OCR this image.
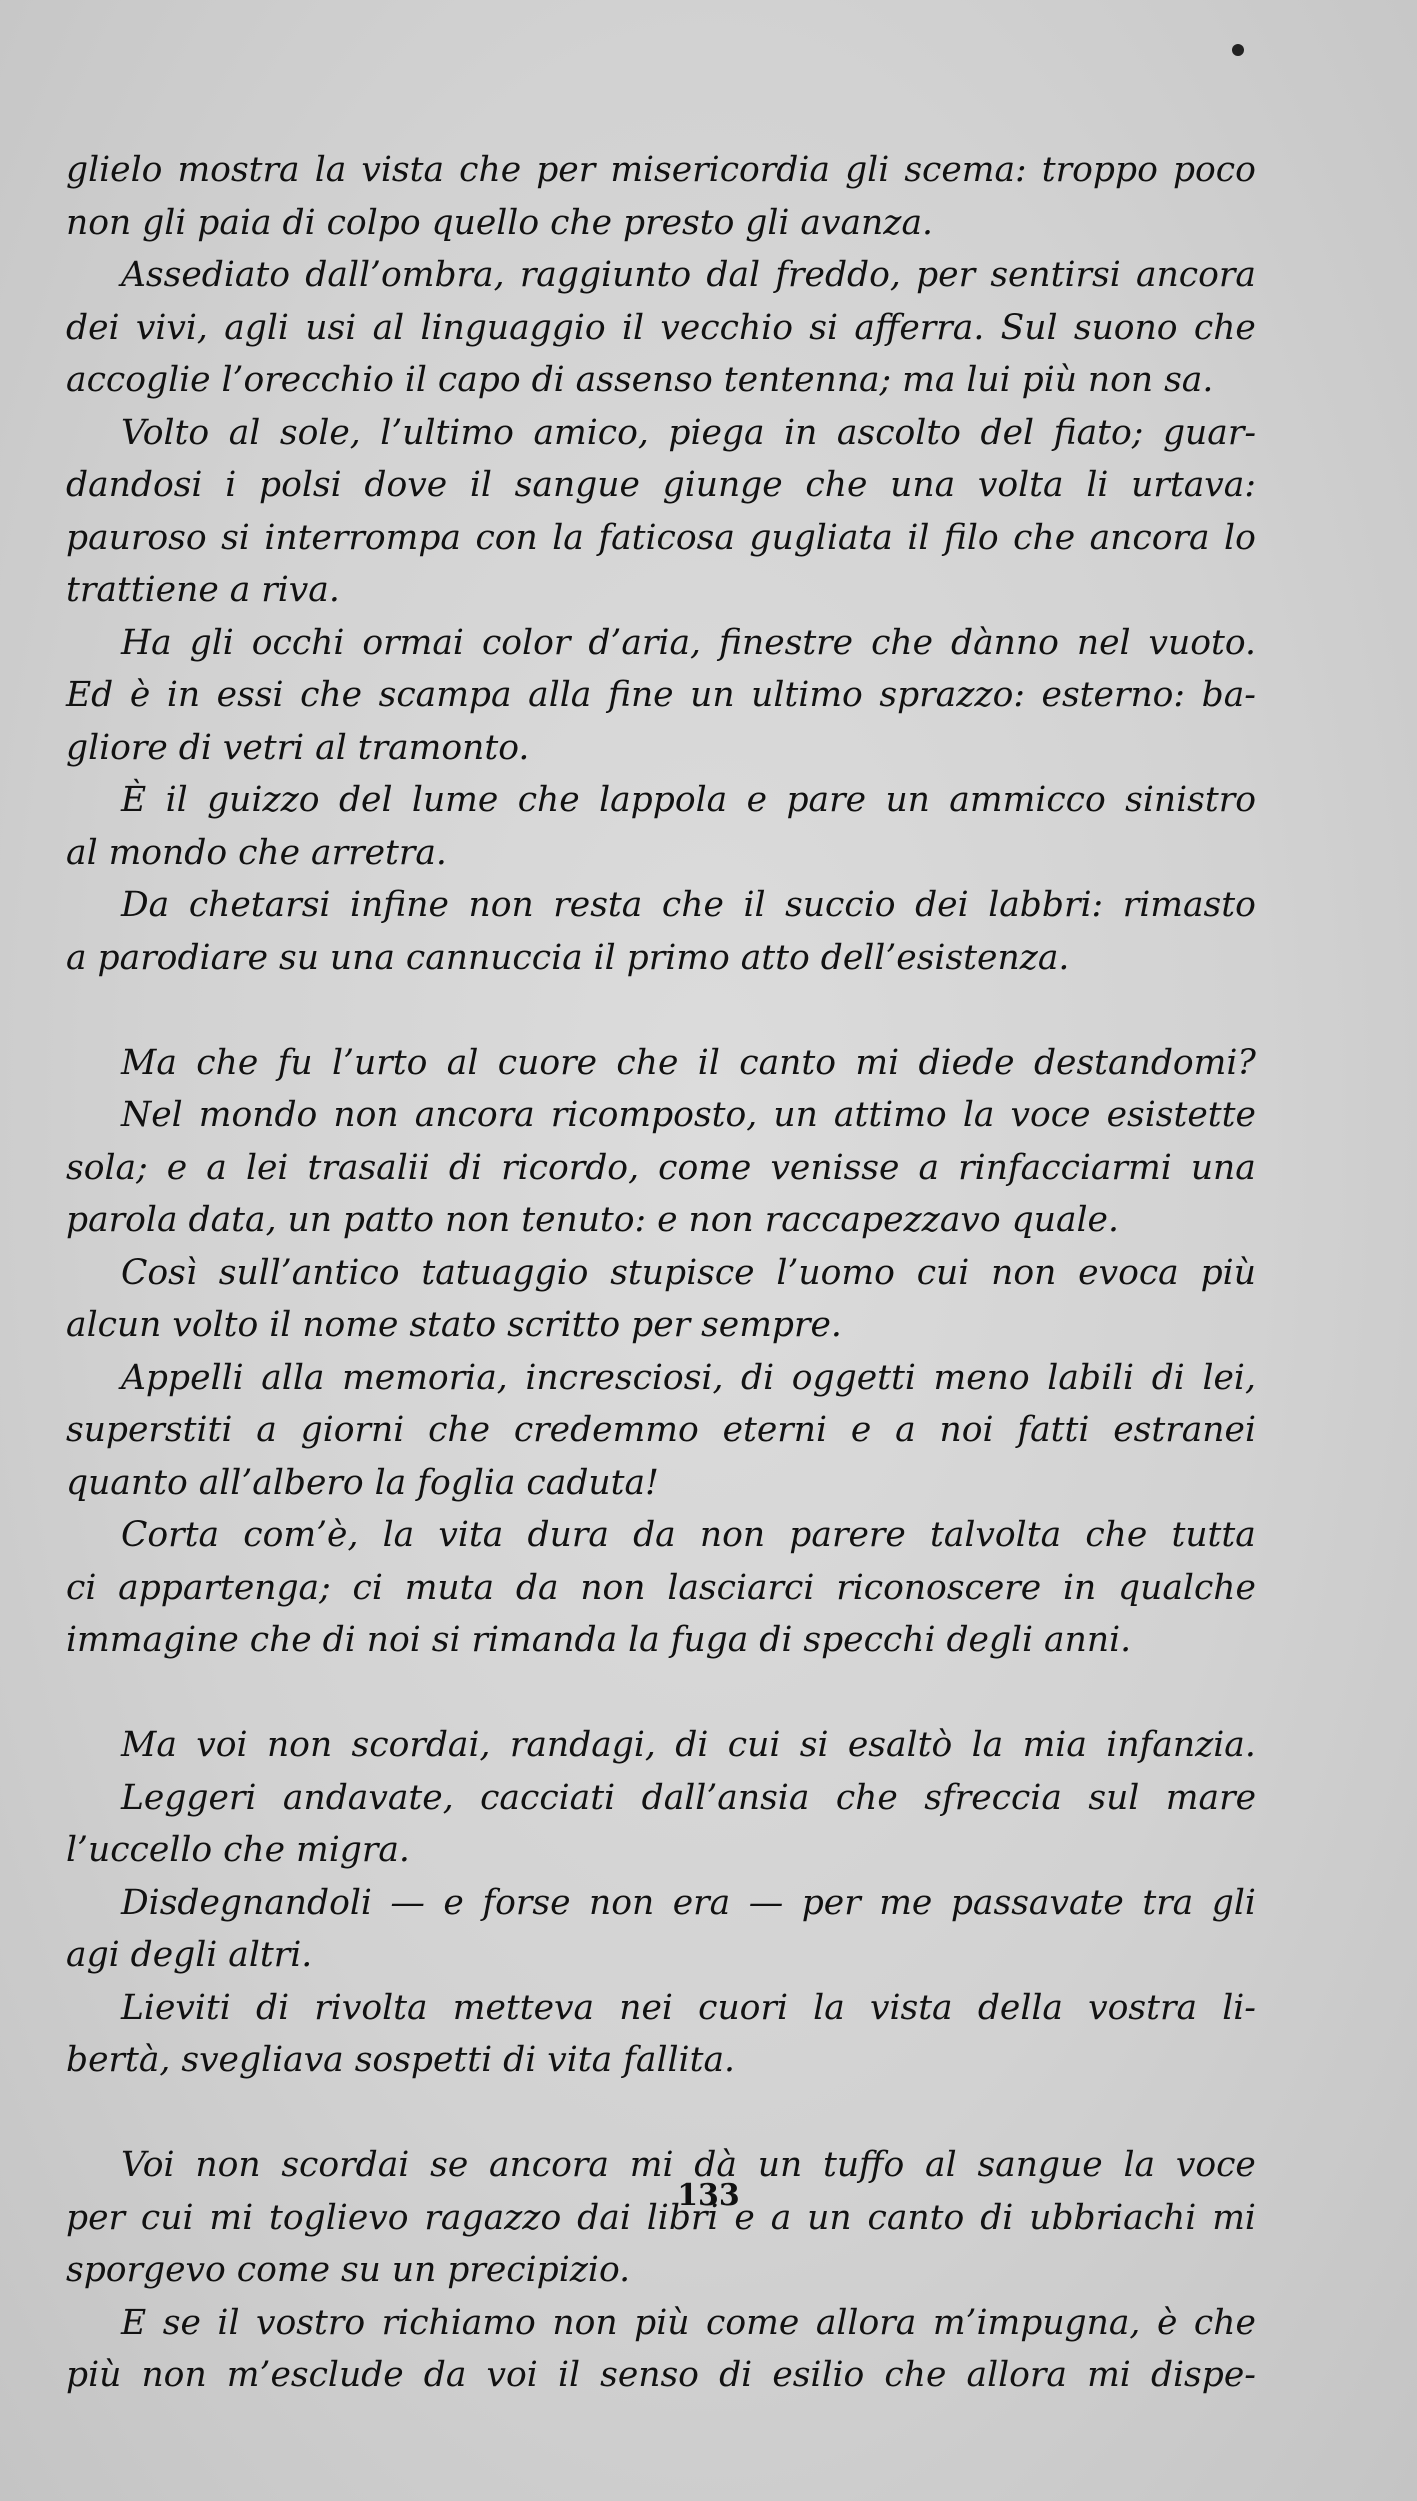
glielo mostra la vista che per misericordia gli scema: troppo poco
non gli paia di colpo quello che presto gli avanza.
Assediato dall’ombra, raggiunto dal freddo, per sentirsi ancora
dei vivi, agli usi al linguaggio il vecchio si afferra. Sul suono che
accoglie l’orecchio il capo di assenso tentenna; ma lui più non sa.
Volto al sole, l’ultimo amico, piega in ascolto del fiato; guar-
dandosi i polsi dove il sangue giunge che una volta li urtava:
pauroso si interrompa con la faticosa gugliata il filo che ancora lo
trattiene a riva.
Ha gli occhi ormai color d’aria, finestre che dànno nel vuoto.
Ed è in essi che scampa alla fine un ultimo sprazzo: esterno: ba-
gliore di vetri al tramonto.
È il guizzo del lume che lappola e pare un ammicco sinistro
al mondo che arretra.
Da chetarsi infine non resta che il succio dei labbri: rimasto
a parodiare su una cannuccia il primo atto dell’esistenza.
Ma che fu l’urto al cuore che il canto mi diede destandomi?
Nel mondo non ancora ricomposto, un attimo la voce esistette
sola; e a lei trasalii di ricordo, come venisse a rinfacciarmi una
parola data, un patto non tenuto: e non raccapezzavo quale.
Così sull’antico tatuaggio stupisce l’uomo cui non evoca più
alcun volto il nome stato scritto per sempre.
Appelli alla memoria, incresciosi, di oggetti meno labili di lei,
superstiti a giorni che credemmo eterni e a noi fatti estranei
quanto all’albero la foglia caduta!
Corta com’è, la vita dura da non parere talvolta che tutta
ci appartenga; ci muta da non lasciarci riconoscere in qualche
immagine che di noi si rimanda la fuga di specchi degli anni.
Ma voi non scordai, randagi, di cui si esaltò la mia infanzia.
Leggeri andavate, cacciati dall’ansia che sfreccia sul mare
l’uccello che migra.
Disdegnandoli — e forse non era — per me passavate tra gli
agi degli altri.
Lieviti di rivolta metteva nei cuori la vista della vostra li-
bertà, svegliava sospetti di vita fallita.
Voi non scordai se ancora mi dà un tuffo al sangue la voce
per cui mi toglievo ragazzo dai libri e a un canto di ubbriachi mi
sporgevo come su un precipizio.
E se il vostro richiamo non più come allora m’impugna, è che
più non m’esclude da voi il senso di esilio che allora mi dispe-
133
